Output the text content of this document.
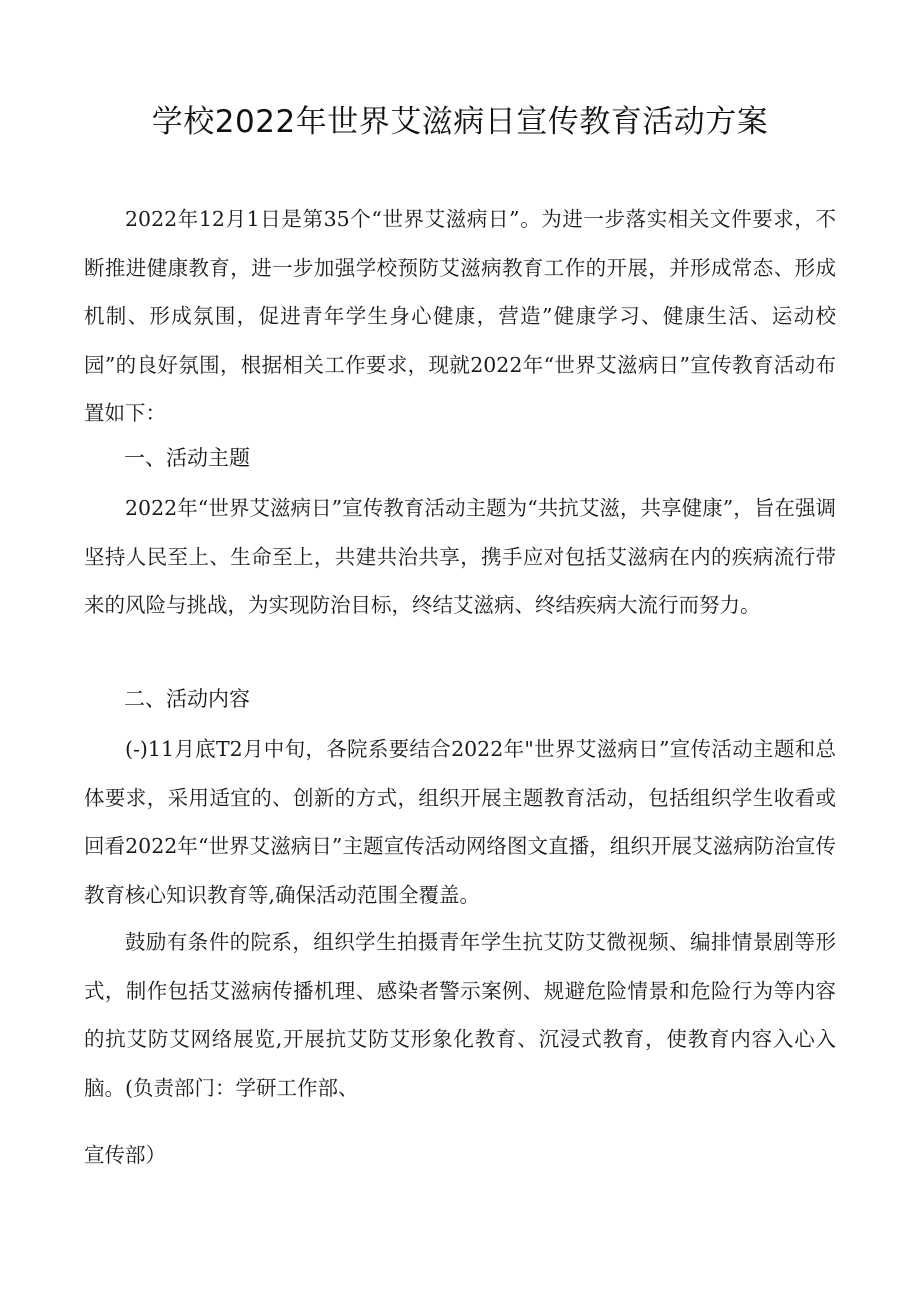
学校2022年世界艾滋病日宣传教育活动方案

2022年12月1日是第35个“世界艾滋病日”。为进一步落实相关文件要求，不断推进健康教育，进一步加强学校预防艾滋病教育工作的开展，并形成常态、形成机制、形成氛围，促进青年学生身心健康，营造”健康学习、健康生活、运动校园”的良好氛围，根据相关工作要求，现就2022年“世界艾滋病日”宣传教育活动布置如下：

一、活动主题

2022年“世界艾滋病日”宣传教育活动主题为“共抗艾滋，共享健康”，旨在强调坚持人民至上、生命至上，共建共治共享，携手应对包括艾滋病在内的疾病流行带来的风险与挑战，为实现防治目标，终结艾滋病、终结疾病大流行而努力。

二、活动内容

(-)11月底T2月中旬，各院系要结合2022年"世界艾滋病日”宣传活动主题和总体要求，采用适宜的、创新的方式，组织开展主题教育活动，包括组织学生收看或回看2022年“世界艾滋病日”主题宣传活动网络图文直播，组织开展艾滋病防治宣传教育核心知识教育等,确保活动范围全覆盖。

鼓励有条件的院系，组织学生拍摄青年学生抗艾防艾微视频、编排情景剧等形式，制作包括艾滋病传播机理、感染者警示案例、规避危险情景和危险行为等内容的抗艾防艾网络展览,开展抗艾防艾形象化教育、沉浸式教育，使教育内容入心入脑。(负责部门：学研工作部、

宣传部）
